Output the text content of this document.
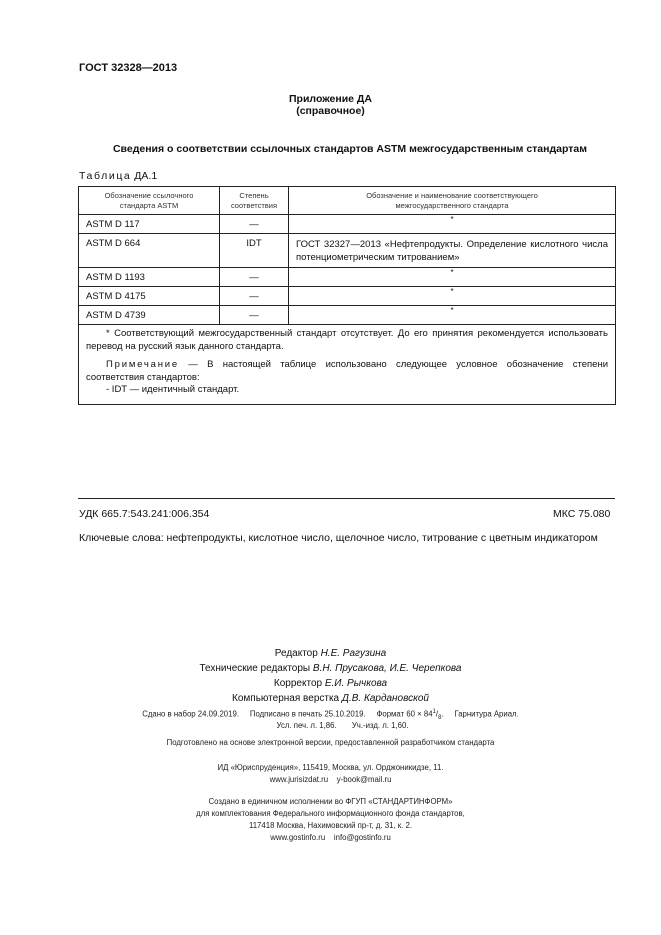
ГОСТ 32328—2013
Приложение ДА
(справочное)
Сведения о соответствии ссылочных стандартов ASTM межгосударственным стандартам
Таблица ДА.1
Обозначение ссылочного стандарта ASTM	Степень соответствия	Обозначение и наименование соответствующего межгосударственного стандарта
ASTM D 117	—	*
ASTM D 664	IDT	ГОСТ 32327—2013 «Нефтепродукты. Определение кислотного числа потенциометрическим титрованием»
ASTM D 1193	—	*
ASTM D 4175	—	*
ASTM D 4739	—	*

* Соответствующий межгосударственный стандарт отсутствует. До его принятия рекомендуется использовать перевод на русский язык данного стандарта.
Примечание — В настоящей таблице использовано следующее условное обозначение степени соответствия стандартов:
- IDT — идентичный стандарт.		
УДК 665.7:543.241:006.354	МКС 75.080
Ключевые слова: нефтепродукты, кислотное число, щелочное число, титрование с цветным индикатором
Редактор Н.Е. Рагузина
Технические редакторы В.Н. Прусакова, И.Е. Черепкова
Корректор Е.И. Рычкова
Компьютерная верстка Д.В. Кардановской
Сдано в набор 24.09.2019. Подписано в печать 25.10.2019. Формат $60 \times 84^1/_8$.     Гарнитура Ариал.
Усл. печ. л. 1,86. Уч.-изд. л. 1,60.
Подготовлено на основе электронной версии, предоставленной разработчиком стандарта
ИД «Юриспруденция», 115419, Москва, ул. Орджоникидзе, 11.
www.jurisizdat.ru    y-book@mail.ru
Создано в единичном исполнении во ФГУП «СТАНДАРТИНФОРМ»
для комплектования Федерального информационного фонда стандартов,
117418 Москва, Нахимовский пр-т, д. 31, к. 2.
www.gostinfo.ru    info@gostinfo.ru
